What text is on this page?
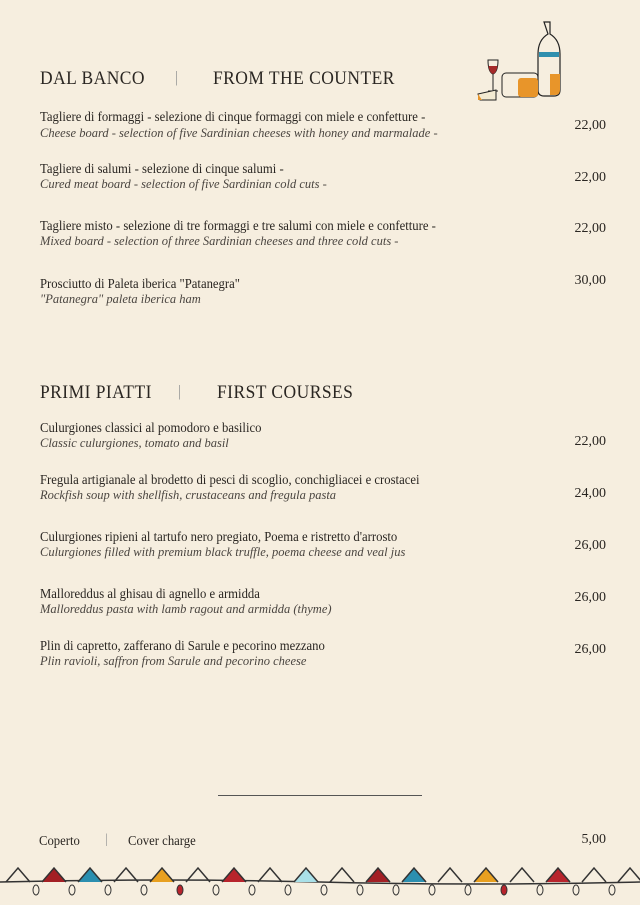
DAL BANCO | FROM THE COUNTER
Tagliere di formaggi - selezione di cinque formaggi con miele e confetture -
Cheese board - selection of five Sardinian cheeses with honey and marmalade -	22,00
Tagliere di salumi - selezione di cinque salumi -
Cured meat board - selection of five Sardinian cold cuts -	22,00
Tagliere misto - selezione di tre formaggi e tre salumi con miele e confetture -
Mixed board - selection of three Sardinian cheeses and three cold cuts -
22,00
Prosciutto di Paleta iberica "Patanegra"
"Patanegra" paleta iberica ham
30,00
PRIMI PIATTI | FIRST COURSES
Culurgiones classici al pomodoro e basilico
Classic culurgiones, tomato and basil	22,00
Fregula artigianale al brodetto di pesci di scoglio, conchigliacei e crostacei
Rockfish soup with shellfish, crustaceans and fregula pasta	24,00
Culurgiones ripieni al tartufo nero pregiato, Poema e ristretto d'arrosto
Culurgiones filled with premium black truffle, poema cheese and veal jus	26,00
Malloreddus al ghisau di agnello e armidda
Malloreddus pasta with lamb ragout and armidda (thyme)
26,00
Plin di capretto, zafferano di Sarule e pecorino mezzano
Plin ravioli, saffron from Sarule and pecorino cheese
26,00
Coperto | Cover charge	5,00
